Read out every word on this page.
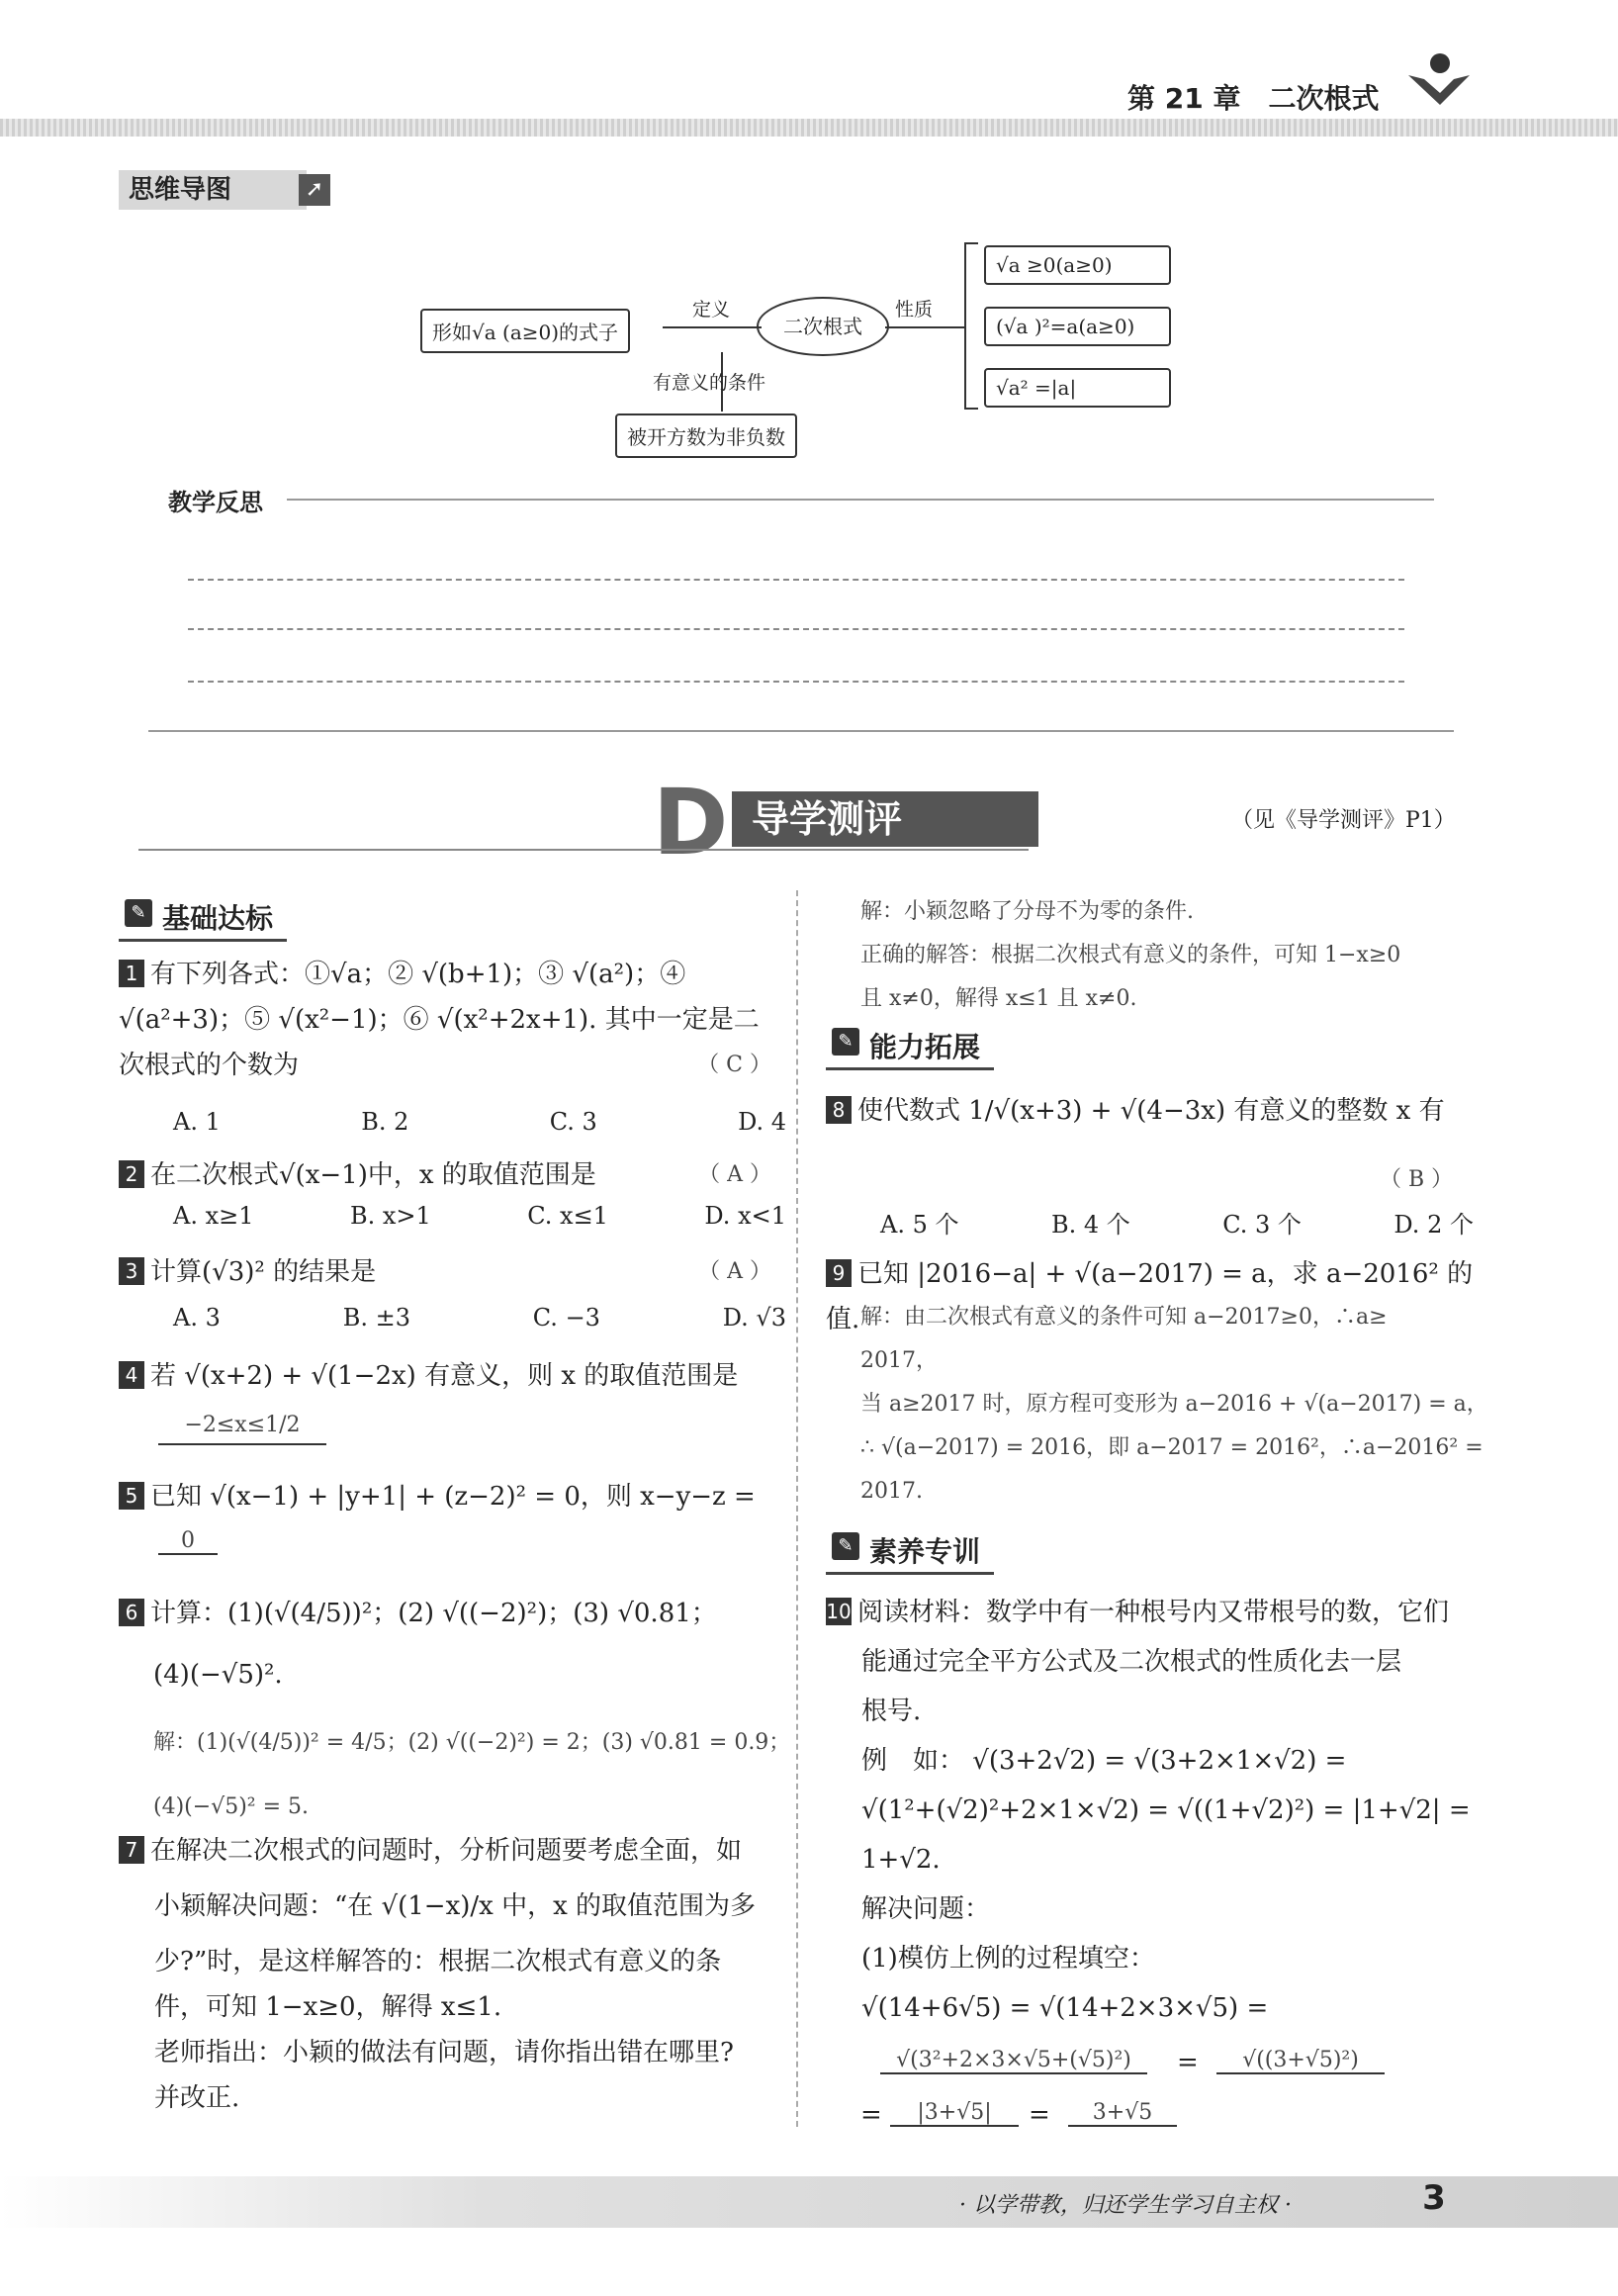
第 21 章　二次根式
思维导图	➚
形如√a (a≥0)的式子
定义
二次根式
性质
√a ≥0(a≥0)
(√a )²=a(a≥0)
√a² =|a|
有意义的条件
被开方数为非负数
教学反思
D 导学测评	（见《导学测评》P1）
✎ 基础达标
1 有下列各式：①√a；② √(b+1)；③ √(a²)；④ √(a²+3)；⑤ √(x²−1)；⑥ √(x²+2x+1). 其中一定是二次根式的个数为	（ C ）
A. 1	B. 2	C. 3	D. 4
2 在二次根式√(x−1)中，x 的取值范围是	（ A ）
A. x≥1	B. x>1	C. x≤1	D. x<1
3 计算(√3)² 的结果是	（ A ）
A. 3	B. ±3	C. −3	D. √3
4 若 √(x+2) + √(1−2x) 有意义，则 x 的取值范围是
−2≤x≤1/2
5 已知 √(x−1) + |y+1| + (z−2)² = 0，则 x−y−z =
0
6 计算：(1)(√(4/5))²；(2) √((−2)²)；(3) √0.81；
(4)(−√5)².
解：(1)(√(4/5))² = 4/5；(2) √((−2)²) = 2；(3) √0.81 = 0.9；
(4)(−√5)² = 5.
7 在解决二次根式的问题时，分析问题要考虑全面，如
小颖解决问题：“在 √(1−x)/x 中，x 的取值范围为多
少?”时，是这样解答的：根据二次根式有意义的条
件，可知 1−x≥0，解得 x≤1.
老师指出：小颖的做法有问题，请你指出错在哪里?
并改正.
解：小颖忽略了分母不为零的条件.
正确的解答：根据二次根式有意义的条件，可知 1−x≥0
且 x≠0，解得 x≤1 且 x≠0.
✎ 能力拓展
8 使代数式 1/√(x+3) + √(4−3x) 有意义的整数 x 有
（ B ）
A. 5 个	B. 4 个	C. 3 个	D. 2 个
9 已知 |2016−a| + √(a−2017) = a，求 a−2016² 的值. 解：由二次根式有意义的条件可知 a−2017≥0，∴a≥
2017，
当 a≥2017 时，原方程可变形为 a−2016 + √(a−2017) = a，
∴ √(a−2017) = 2016，即 a−2017 = 2016²，∴a−2016² =
2017.
✎ 素养专训
10 阅读材料：数学中有一种根号内又带根号的数，它们
能通过完全平方公式及二次根式的性质化去一层
根号.
例　如： √(3+2√2) = √(3+2×1×√2) =
√(1²+(√2)²+2×1×√2) = √((1+√2)²) = |1+√2| =
1+√2.
解决问题：
(1)模仿上例的过程填空：
√(14+6√5) = √(14+2×3×√5) =
√(3²+2×3×√5+(√5)²)	=	√((3+√5)²)
=	|3+√5|	=	3+√5
· 以学带教，归还学生学习自主权 ·	3
